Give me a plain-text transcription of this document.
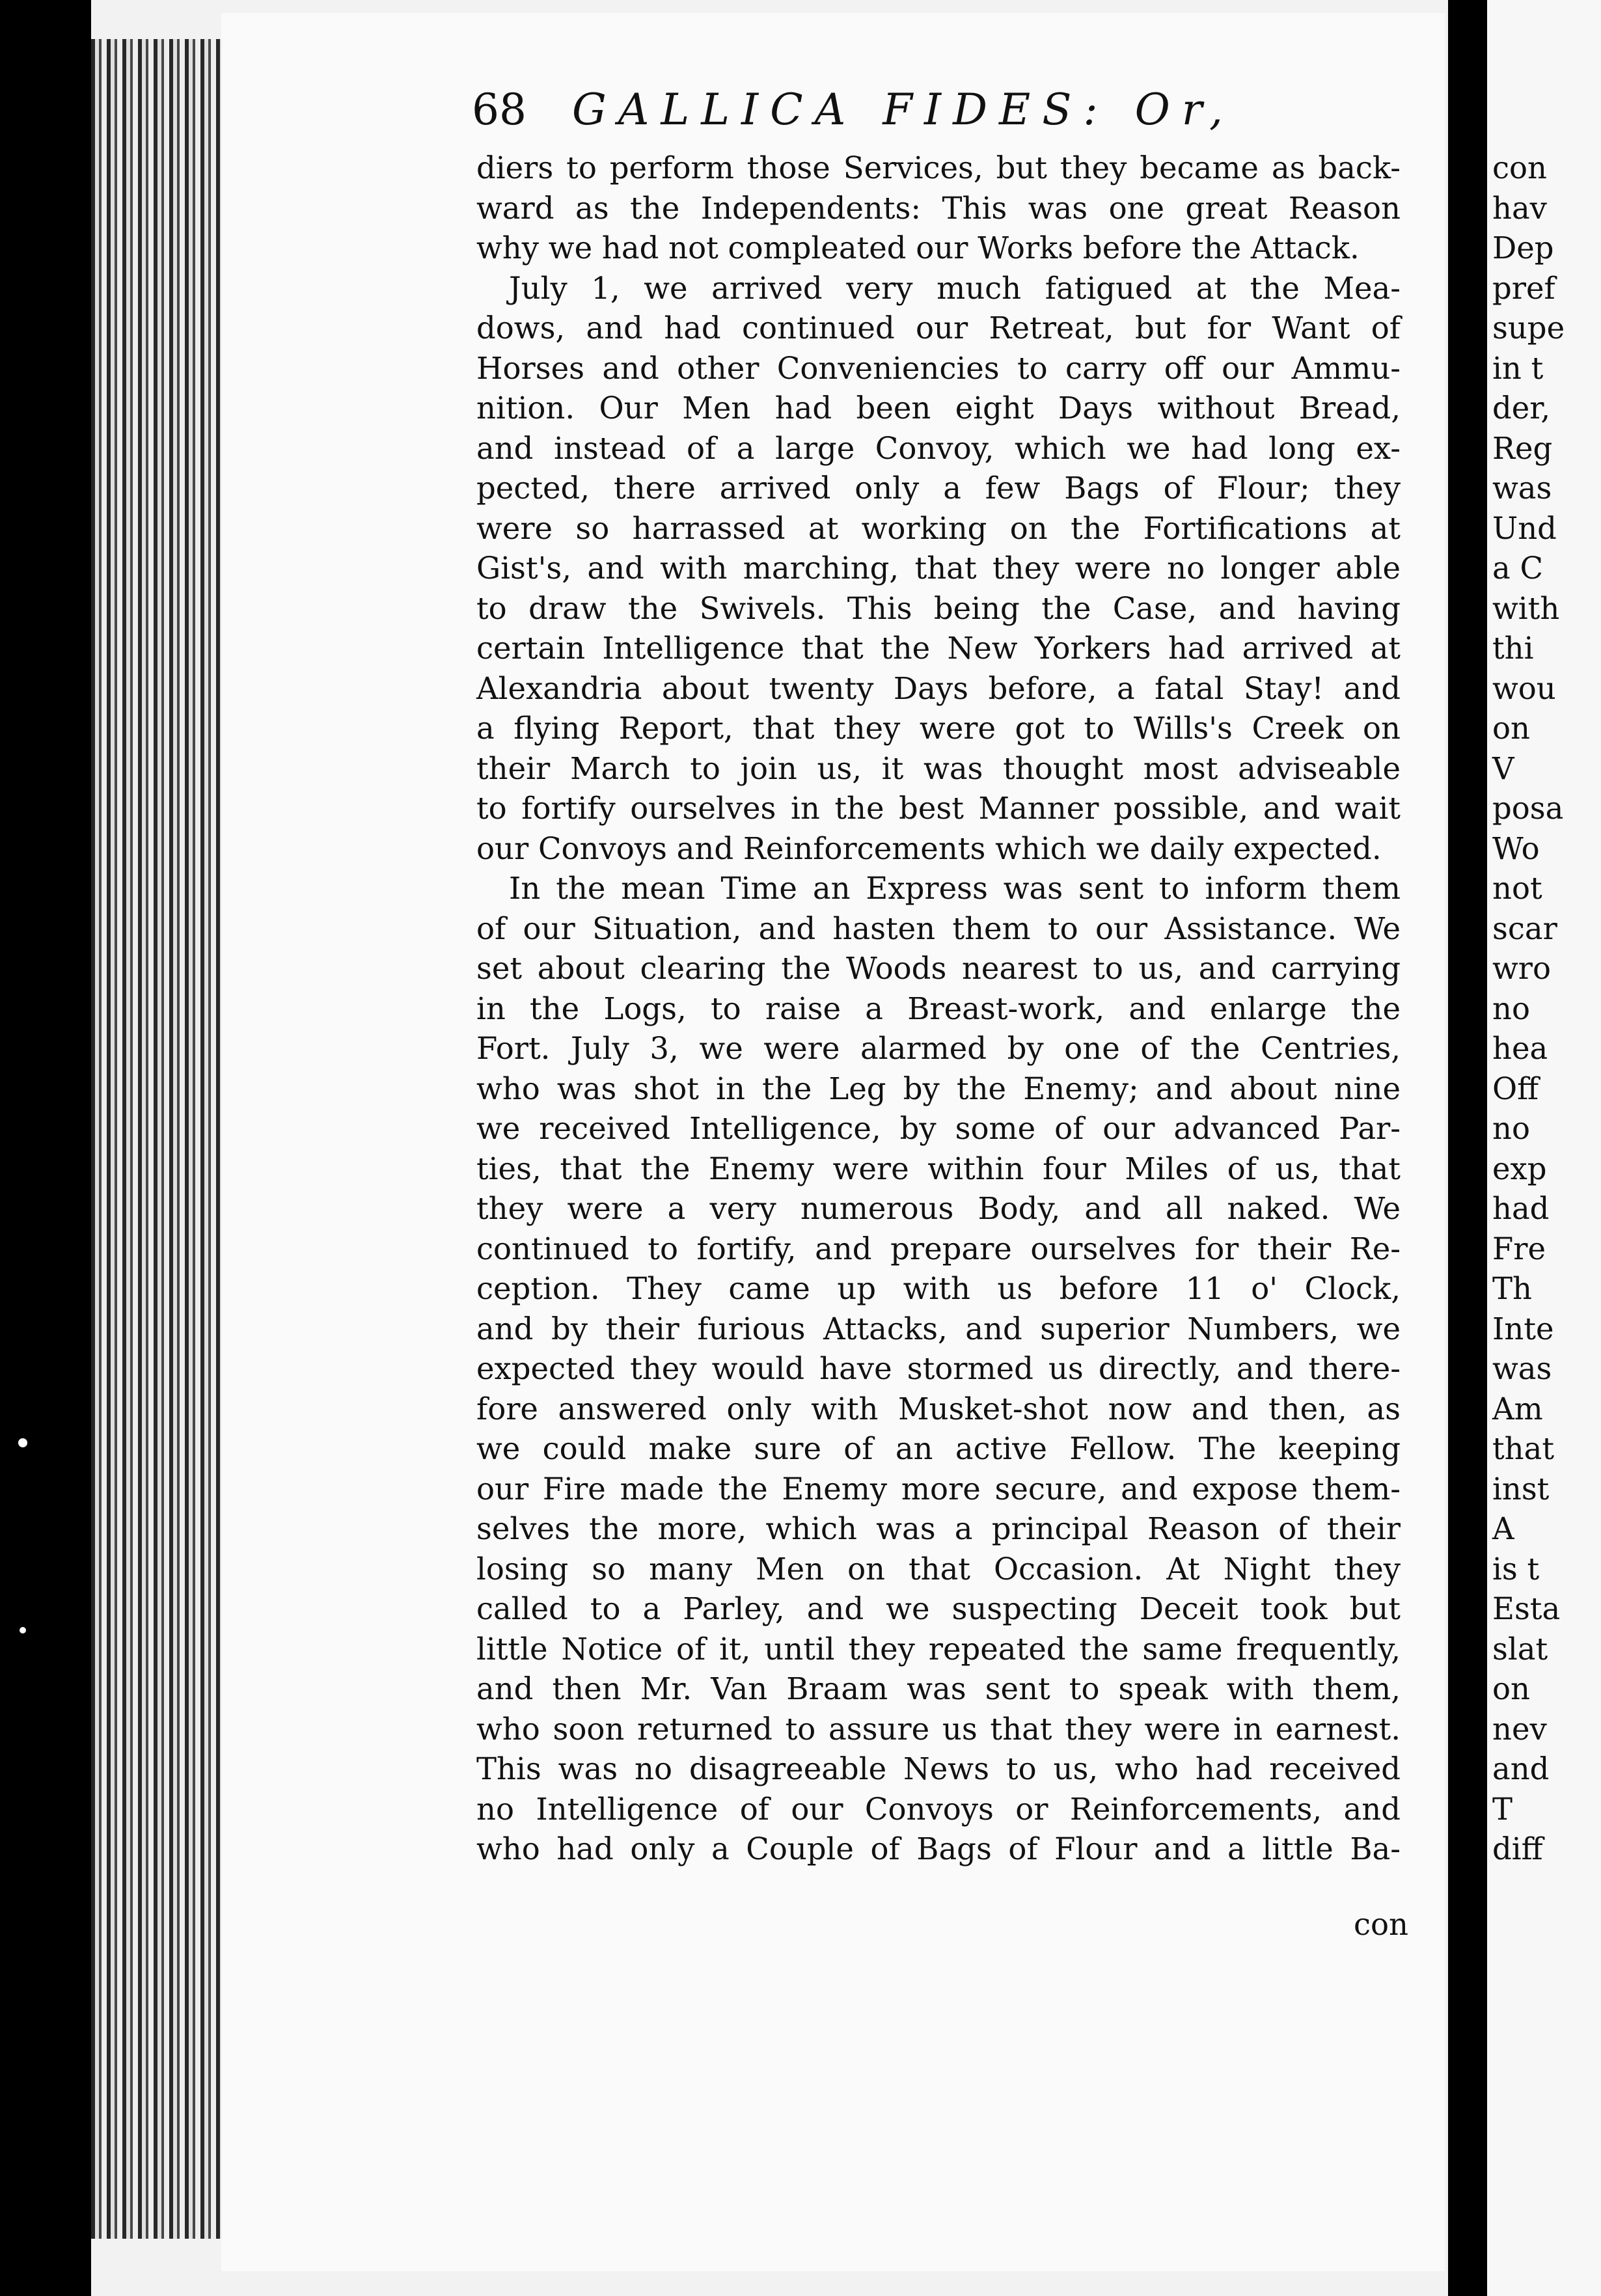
68 GALLICA FIDES: Or,
diers to perform those Services, but they became as back-
ward as the Independents: This was one great Reason
why we had not compleated our Works before the Attack.
July 1, we arrived very much fatigued at the Mea-
dows, and had continued our Retreat, but for Want of
Horses and other Conveniencies to carry off our Ammu-
nition. Our Men had been eight Days without Bread,
and instead of a large Convoy, which we had long ex-
pected, there arrived only a few Bags of Flour; they
were so harrassed at working on the Fortifications at
Gist's, and with marching, that they were no longer able
to draw the Swivels. This being the Case, and having
certain Intelligence that the New Yorkers had arrived at
Alexandria about twenty Days before, a fatal Stay! and
a flying Report, that they were got to Wills's Creek on
their March to join us, it was thought most adviseable
to fortify ourselves in the best Manner possible, and wait
our Convoys and Reinforcements which we daily expected.
In the mean Time an Express was sent to inform them
of our Situation, and hasten them to our Assistance. We
set about clearing the Woods nearest to us, and carrying
in the Logs, to raise a Breast-work, and enlarge the
Fort. July 3, we were alarmed by one of the Centries,
who was shot in the Leg by the Enemy; and about nine
we received Intelligence, by some of our advanced Par-
ties, that the Enemy were within four Miles of us, that
they were a very numerous Body, and all naked. We
continued to fortify, and prepare ourselves for their Re-
ception. They came up with us before 11 o' Clock,
and by their furious Attacks, and superior Numbers, we
expected they would have stormed us directly, and there-
fore answered only with Musket-shot now and then, as
we could make sure of an active Fellow. The keeping
our Fire made the Enemy more secure, and expose them-
selves the more, which was a principal Reason of their
losing so many Men on that Occasion. At Night they
called to a Parley, and we suspecting Deceit took but
little Notice of it, until they repeated the same frequently,
and then Mr. Van Braam was sent to speak with them,
who soon returned to assure us that they were in earnest.
This was no disagreeable News to us, who had received
no Intelligence of our Convoys or Reinforcements, and
who had only a Couple of Bags of Flour and a little Ba-
con
con
hav
Dep
pref
supe
in t
der,
Reg
was
Und
a C
with
thi
wou
on
V
posa
Wo
not
scar
wro
no
hea
Off
no
exp
had
Fre
Th
Inte
was
Am
that
inst
A
is t
Esta
slat
on
nev
and
T
diff
